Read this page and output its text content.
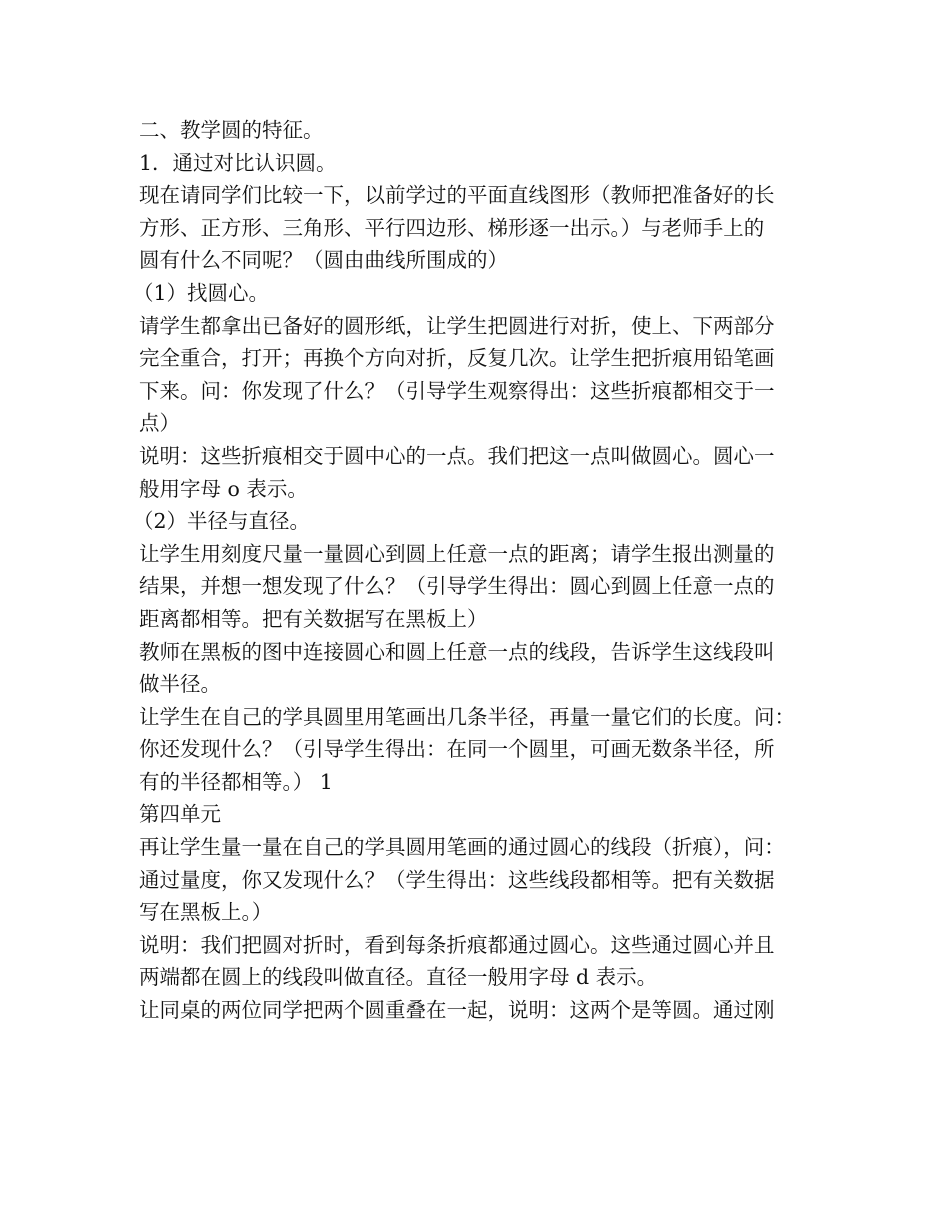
二、教学圆的特征。
1．通过对比认识圆。
现在请同学们比较一下，以前学过的平面直线图形（教师把准备好的长
方形、正方形、三角形、平行四边形、梯形逐一出示。）与老师手上的
圆有什么不同呢？（圆由曲线所围成的）
（1）找圆心。
请学生都拿出已备好的圆形纸，让学生把圆进行对折，使上、下两部分
完全重合，打开；再换个方向对折，反复几次。让学生把折痕用铅笔画
下来。问：你发现了什么？（引导学生观察得出：这些折痕都相交于一
点）
说明：这些折痕相交于圆中心的一点。我们把这一点叫做圆心。圆心一
般用字母 o 表示。
（2）半径与直径。
让学生用刻度尺量一量圆心到圆上任意一点的距离；请学生报出测量的
结果，并想一想发现了什么？（引导学生得出：圆心到圆上任意一点的
距离都相等。把有关数据写在黑板上）
教师在黑板的图中连接圆心和圆上任意一点的线段，告诉学生这线段叫
做半径。
让学生在自己的学具圆里用笔画出几条半径，再量一量它们的长度。问：
你还发现什么？（引导学生得出：在同一个圆里，可画无数条半径，所
有的半径都相等。） 1
第四单元
再让学生量一量在自己的学具圆用笔画的通过圆心的线段（折痕），问：
通过量度，你又发现什么？（学生得出：这些线段都相等。把有关数据
写在黑板上。）
说明：我们把圆对折时，看到每条折痕都通过圆心。这些通过圆心并且
两端都在圆上的线段叫做直径。直径一般用字母 d 表示。
让同桌的两位同学把两个圆重叠在一起，说明：这两个是等圆。通过刚
